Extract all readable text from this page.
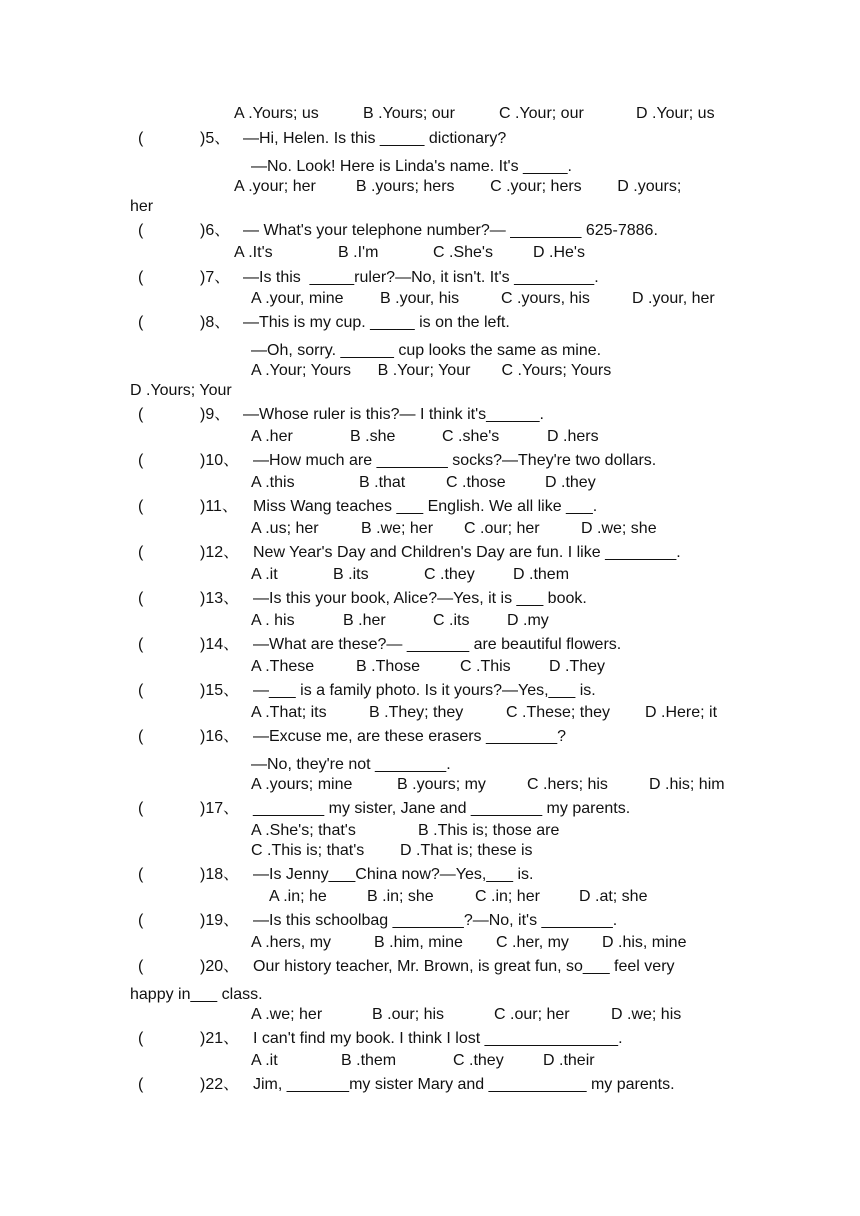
A .Yours; us	B .Yours; our	C .Your; our	D .Your; us
(	)5、 —Hi, Helen. Is this _____ dictionary?
—No. Look! Here is Linda's name. It's _____.
A .your; her         B .yours; hers        C .your; hers        D .yours;
her
(	)6、 — What's your telephone number?— ________ 625-7886.
A .It's	B .I'm	C .She's	D .He's
(	)7、 —Is this  _____ruler?—No, it isn't. It's _________.
A .your, mine B .your, his	C .yours, his	D .your, her
(	)8、 —This is my cup. _____ is on the left.
—Oh, sorry. ______ cup looks the same as mine.
A .Your; Yours      B .Your; Your       C .Yours; Yours
D .Yours; Your
(	)9、 —Whose ruler is this?— I think it's______.
A .her	B .she	C .she's	D .hers
(	)10、 —How much are ________ socks?—They're two dollars.
A .this	B .that	C .those D .they
(	)11、 Miss Wang teaches ___ English. We all like ___.
A .us; her	B .we; her C .our; her	D .we; she
(	)12、 New Year's Day and Children's Day are fun. I like ________.
A .it	B .its	C .they D .them
(	)13、 —Is this your book, Alice?—Yes, it is ___ book.
A . his	B .her	C .its D .my
(	)14、 —What are these?— _______ are beautiful flowers.
A .These	B .Those C .This D .They
(	)15、 —___ is a family photo. Is it yours?—Yes,___ is.
A .That; its	B .They; they	C .These; they D .Here; it
(	)16、 —Excuse me, are these erasers ________?
—No, they're not ________.
A .yours; mine	B .yours; my	C .hers; his	D .his; him
(	)17、 ________ my sister, Jane and ________ my parents.
A .She's; that's	B .This is; those are
C .This is; that's D .That is; these is
(	)18、 —Is Jenny___China now?—Yes,___ is.
A .in; he	B .in; she	C .in; her D .at; she
(	)19、 —Is this schoolbag ________?—No, it's ________.
A .hers, my	B .him, mine C .her, my D .his, mine
(	)20、 Our history teacher, Mr. Brown, is great fun, so___ feel very
happy in___ class.
A .we; her	B .our; his	C .our; her	D .we; his
(	)21、 I can't find my book. I think I lost _______________.
A .it	B .them	C .they D .their
(	)22、 Jim, _______my sister Mary and ___________ my parents.
